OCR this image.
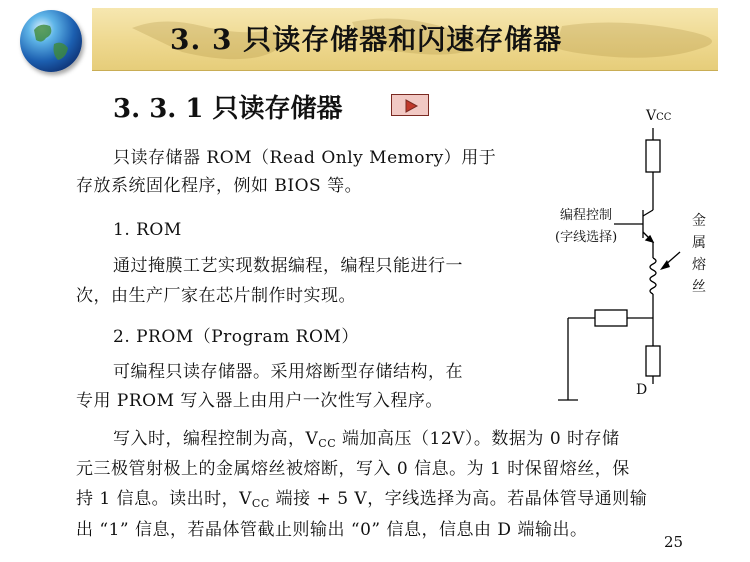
3. 3 只读存储器和闪速存储器
3. 3. 1 只读存储器
只读存储器 ROM（Read Only Memory）用于
存放系统固化程序，例如 BIOS 等。
1. ROM
通过掩膜工艺实现数据编程，编程只能进行一
次，由生产厂家在芯片制作时实现。
2. PROM（Program ROM）
可编程只读存储器。采用熔断型存储结构，在
专用 PROM 写入器上由用户一次性写入程序。
写入时，编程控制为高，$V_{CC}$ 端加高压（12V）。数据为 0 时存储
元三极管射极上的金属熔丝被熔断，写入 0 信息。为 1 时保留熔丝，保
持 1 信息。读出时，$V_{CC}$ 端接 + 5 V，字线选择为高。若晶体管导通则输
出 “1” 信息，若晶体管截止则输出 “0” 信息，信息由 D 端输出。
25
VCC
编程控制
(字线选择)
金
属
熔
丝
D
